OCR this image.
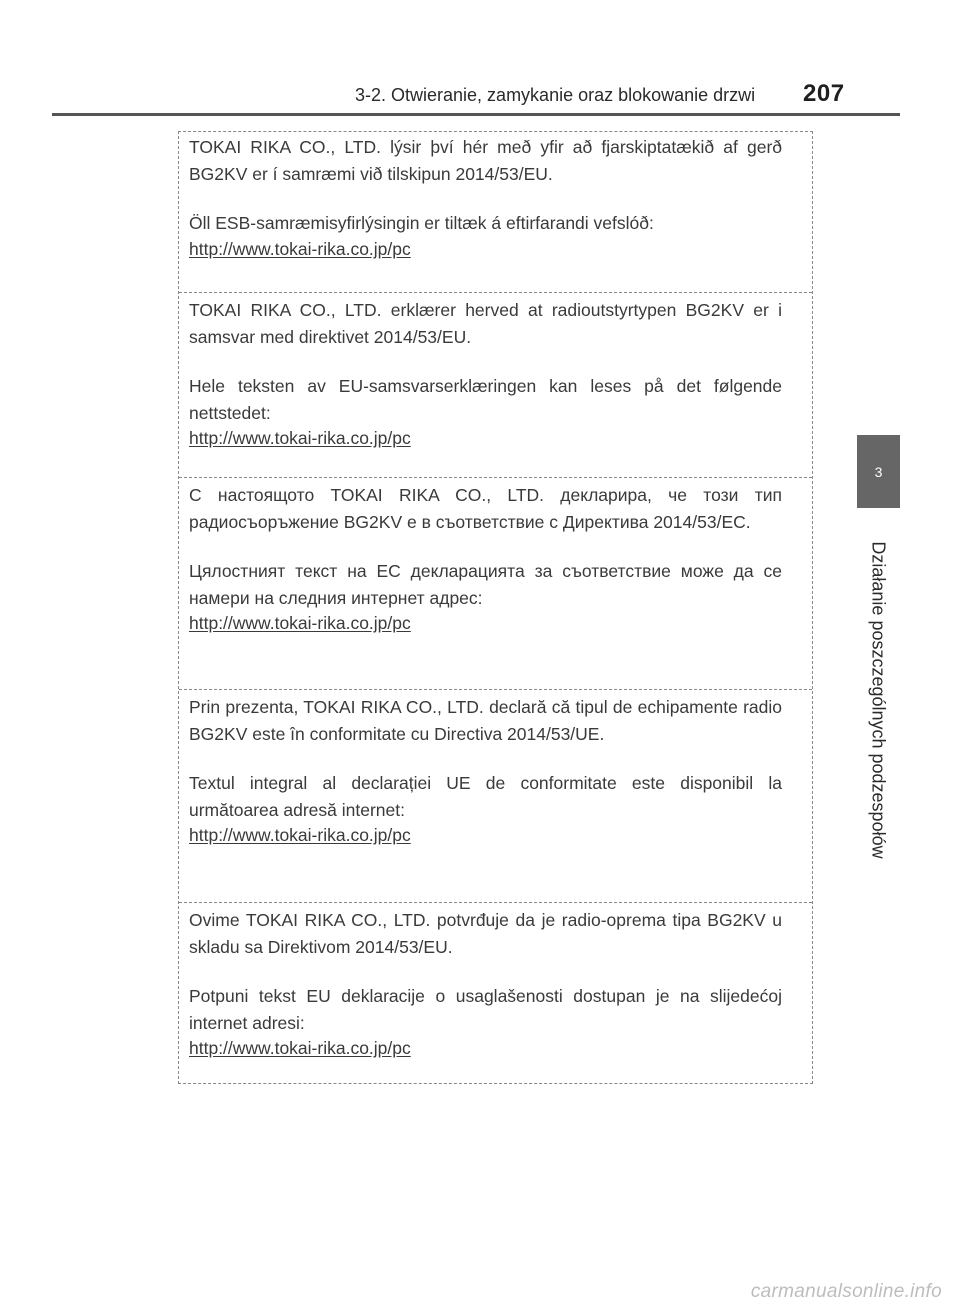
3-2. Otwieranie, zamykanie oraz blokowanie drzwi 207
3
Działanie poszczególnych podzespołów

TOKAI RIKA CO., LTD. lýsir því hér með yfir að fjarskiptatækið af gerð BG2KV er í samræmi við tilskipun 2014/53/EU.

Öll ESB-samræmisyfirlýsingin er tiltæk á eftirfarandi vefslóð:

http://www.tokai-rika.co.jp/pc

TOKAI RIKA CO., LTD. erklærer herved at radioutstyrtypen BG2KV er i samsvar med direktivet 2014/53/EU.

Hele teksten av EU-samsvarserklæringen kan leses på det følgende nettstedet:

http://www.tokai-rika.co.jp/pc

С настоящото TOKAI RIKA CO., LTD. декларира, че този тип радиосъоръжение BG2KV е в съответствие с Директива 2014/53/ЕС.

Цялостният текст на ЕС декларацията за съответствие може да се намери на следния интернет адрес:

http://www.tokai-rika.co.jp/pc

Prin prezenta, TOKAI RIKA CO., LTD. declară că tipul de echipamente radio BG2KV este în conformitate cu Directiva 2014/53/UE.

Textul integral al declarației UE de conformitate este disponibil la următoarea adresă internet:

http://www.tokai-rika.co.jp/pc

Ovime TOKAI RIKA CO., LTD. potvrđuje da je radio-oprema tipa BG2KV u skladu sa Direktivom 2014/53/EU.

Potpuni tekst EU deklaracije o usaglašenosti dostupan je na slijedećoj internet adresi:

http://www.tokai-rika.co.jp/pc
carmanualsonline.info
